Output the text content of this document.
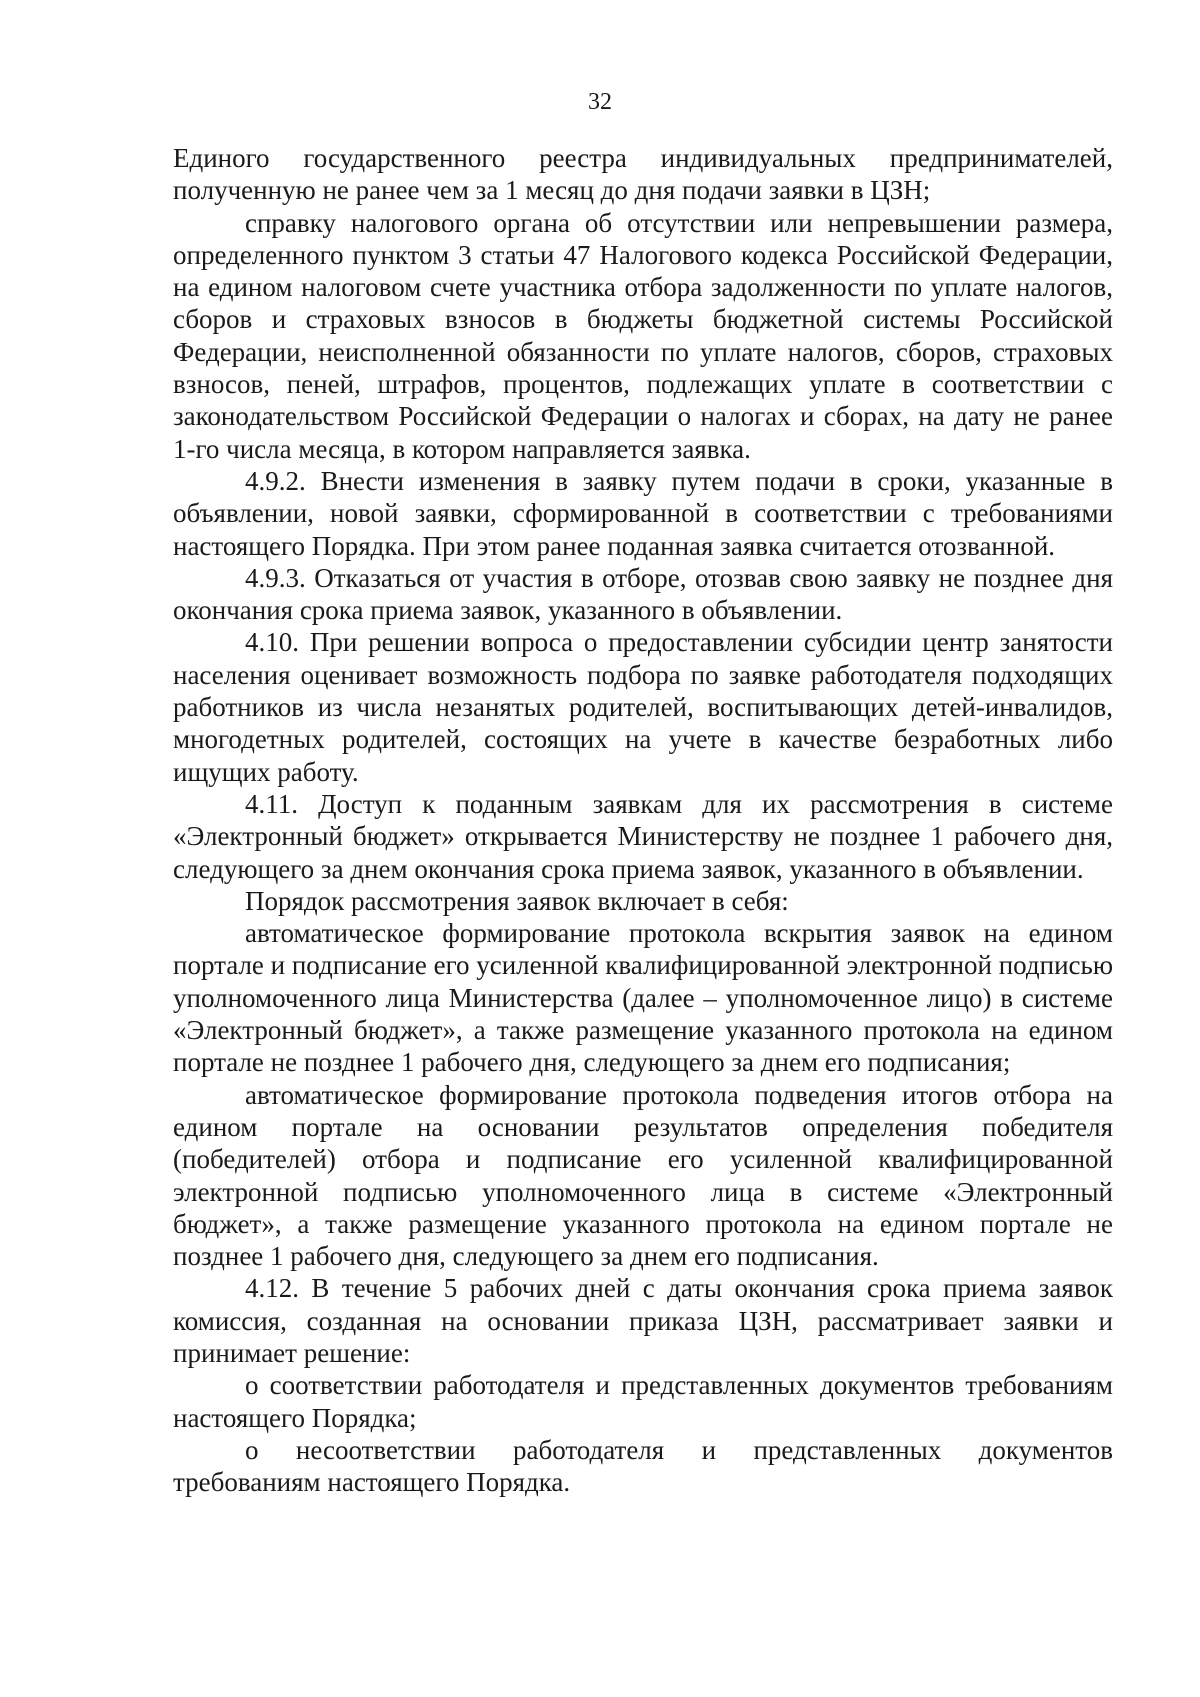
32

Единого государственного реестра индивидуальных предпринимателей, полученную не ранее чем за 1 месяц до дня подачи заявки в ЦЗН;

справку налогового органа об отсутствии или непревышении размера, определенного пунктом 3 статьи 47 Налогового кодекса Российской Федерации, на едином налоговом счете участника отбора задолженности по уплате налогов, сборов и страховых взносов в бюджеты бюджетной системы Российской Федерации, неисполненной обязанности по уплате налогов, сборов, страховых взносов, пеней, штрафов, процентов, подлежащих уплате в соответствии с законодательством Российской Федерации о налогах и сборах, на дату не ранее 1-го числа месяца, в котором направляется заявка.

4.9.2. Внести изменения в заявку путем подачи в сроки, указанные в объявлении, новой заявки, сформированной в соответствии с требованиями настоящего Порядка. При этом ранее поданная заявка считается отозванной.

4.9.3. Отказаться от участия в отборе, отозвав свою заявку не позднее дня окончания срока приема заявок, указанного в объявлении.

4.10. При решении вопроса о предоставлении субсидии центр занятости населения оценивает возможность подбора по заявке работодателя подходящих работников из числа незанятых родителей, воспитывающих детей-инвалидов, многодетных родителей, состоящих на учете в качестве безработных либо ищущих работу.

4.11. Доступ к поданным заявкам для их рассмотрения в системе «Электронный бюджет» открывается Министерству не позднее 1 рабочего дня, следующего за днем окончания срока приема заявок, указанного в объявлении.

Порядок рассмотрения заявок включает в себя:

автоматическое формирование протокола вскрытия заявок на едином портале и подписание его усиленной квалифицированной электронной подписью уполномоченного лица Министерства (далее – уполномоченное лицо) в системе «Электронный бюджет», а также размещение указанного протокола на едином портале не позднее 1 рабочего дня, следующего за днем его подписания;

автоматическое формирование протокола подведения итогов отбора на едином портале на основании результатов определения победителя (победителей) отбора и подписание его усиленной квалифицированной электронной подписью уполномоченного лица в системе «Электронный бюджет», а также размещение указанного протокола на едином портале не позднее 1 рабочего дня, следующего за днем его подписания.

4.12. В течение 5 рабочих дней с даты окончания срока приема заявок комиссия, созданная на основании приказа ЦЗН, рассматривает заявки и принимает решение:

о соответствии работодателя и представленных документов требованиям настоящего Порядка;

о несоответствии работодателя и представленных документов требованиям настоящего Порядка.
